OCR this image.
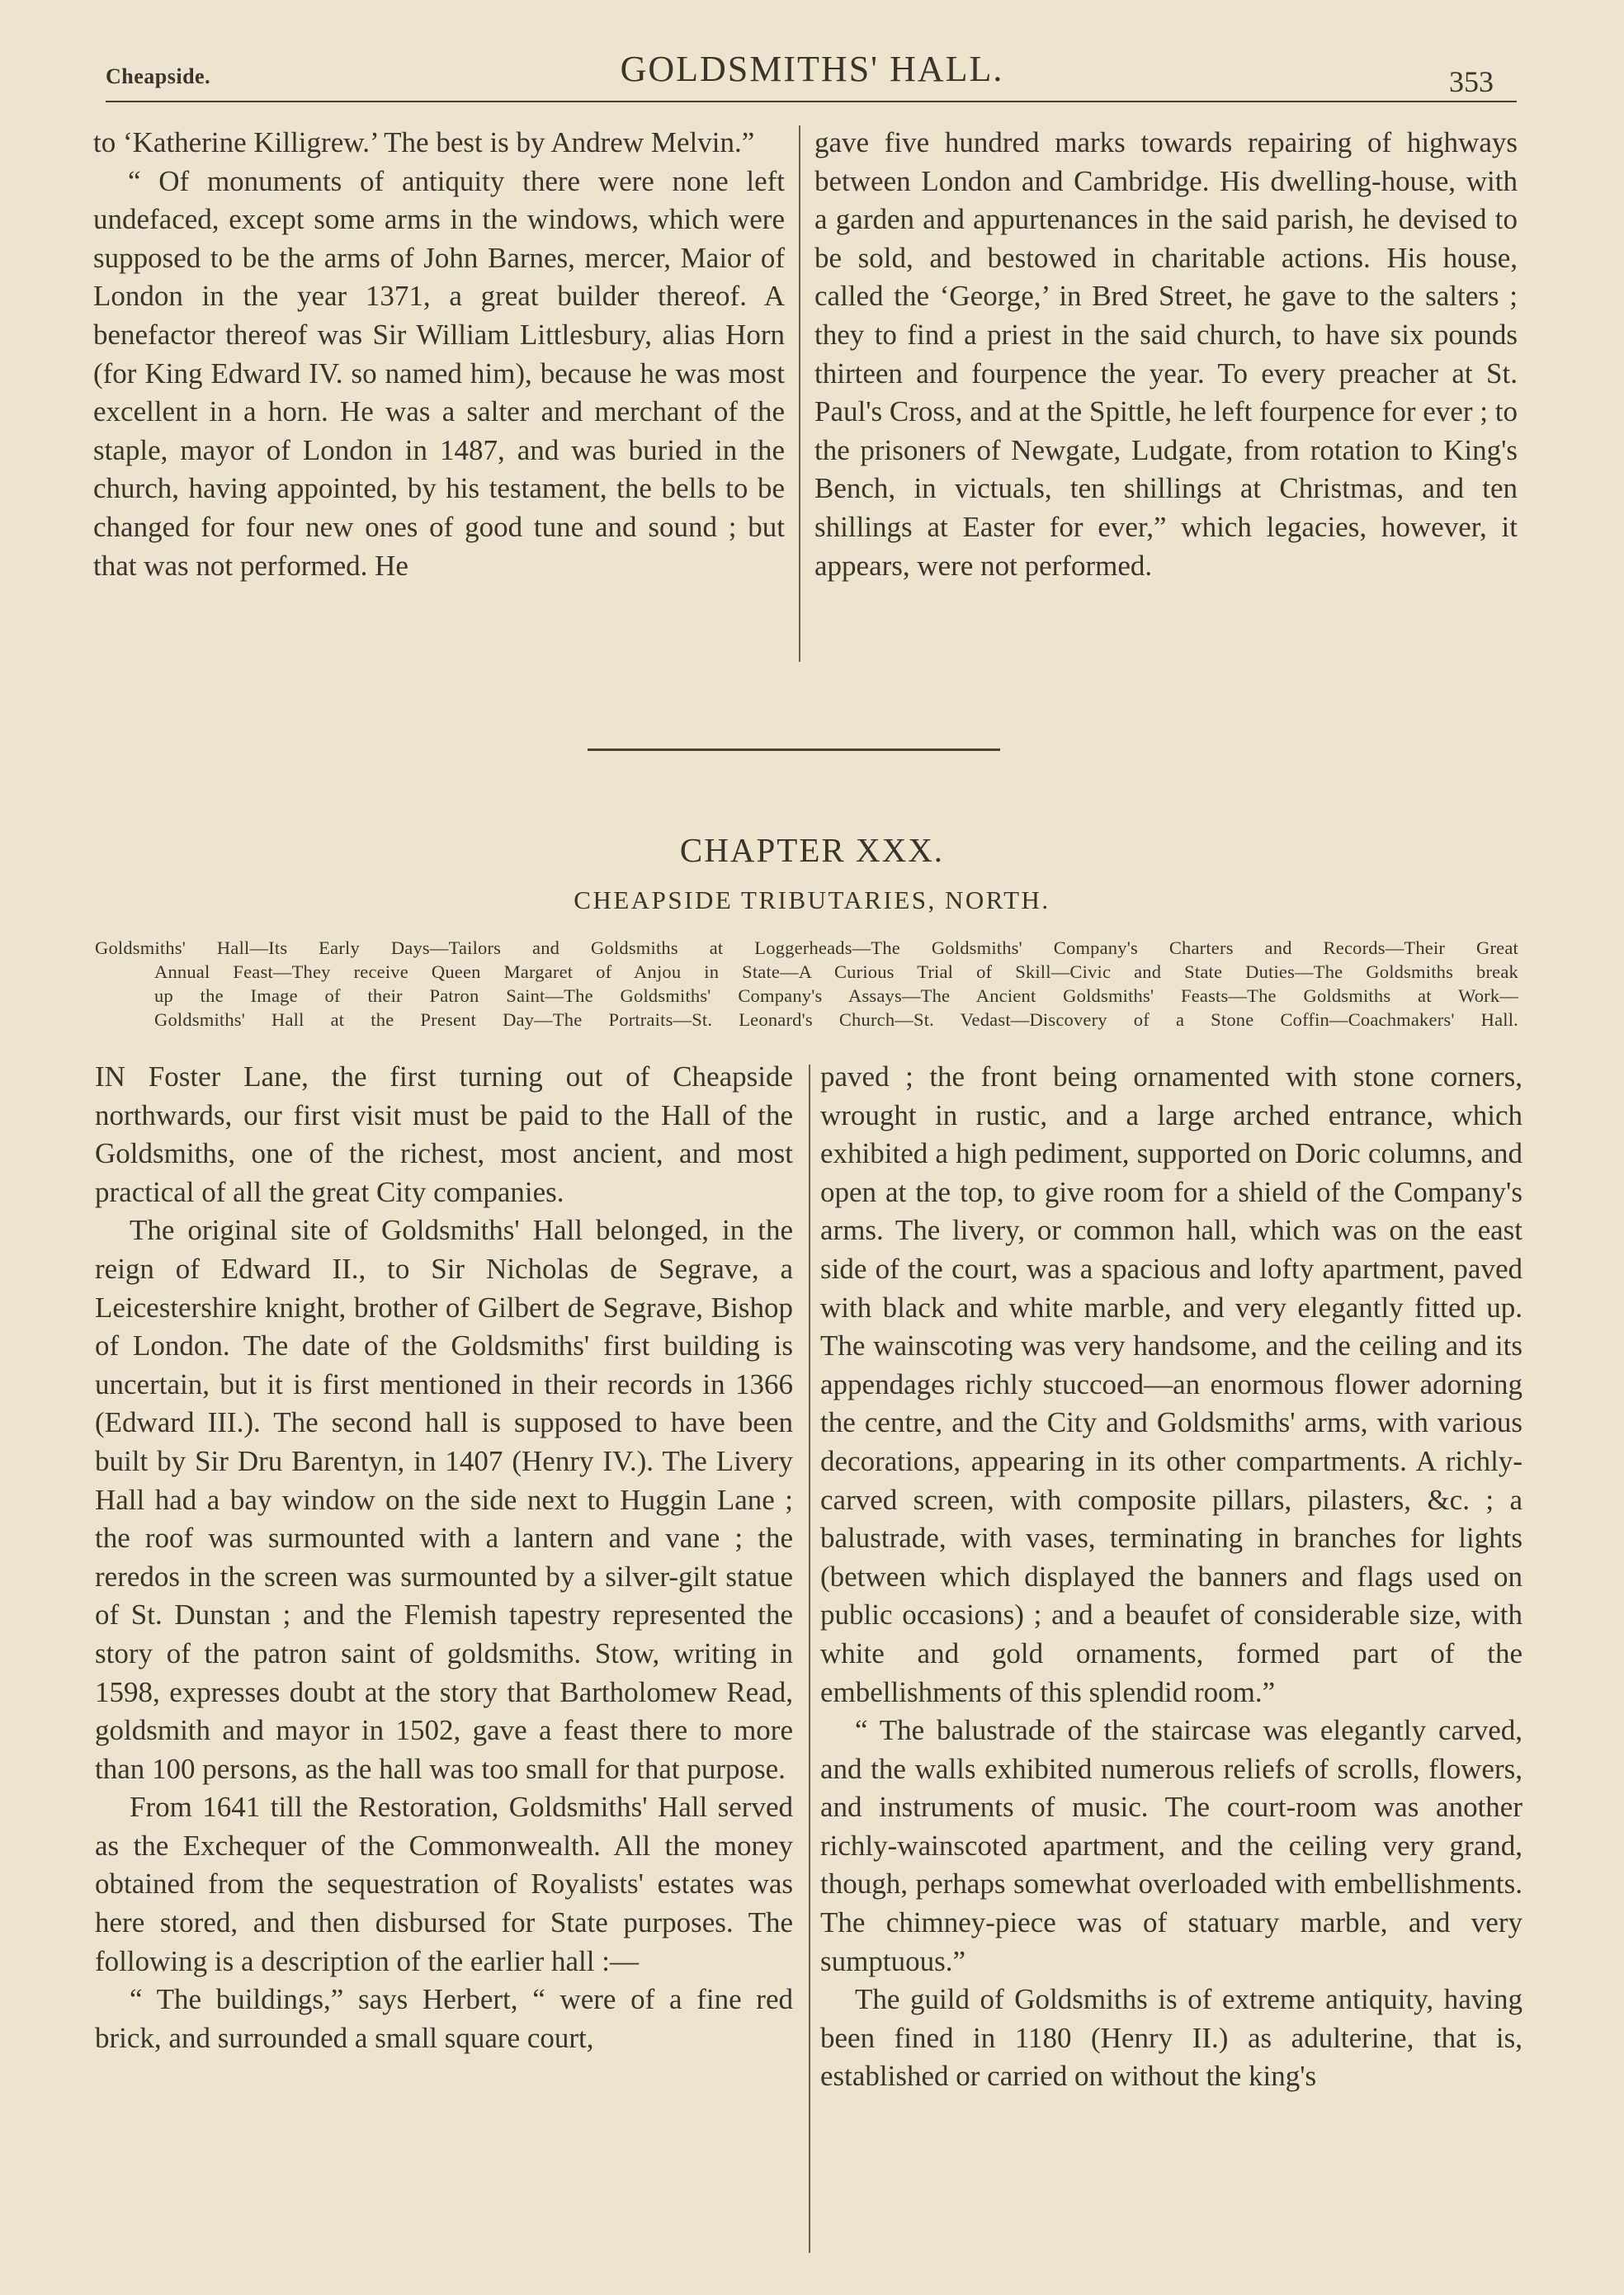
Cheapside.	GOLDSMITHS' HALL.	353

to ‘Katherine Killigrew.’ The best is by Andrew Melvin.”

“ Of monuments of antiquity there were none left undefaced, except some arms in the windows, which were supposed to be the arms of John Barnes, mercer, Maior of London in the year 1371, a great builder thereof. A benefactor thereof was Sir William Littlesbury, alias Horn (for King Edward IV. so named him), because he was most excellent in a horn. He was a salter and merchant of the staple, mayor of London in 1487, and was buried in the church, having appointed, by his testament, the bells to be changed for four new ones of good tune and sound ; but that was not performed. He

gave five hundred marks towards repairing of highways between London and Cambridge. His dwelling-house, with a garden and appurtenances in the said parish, he devised to be sold, and bestowed in charitable actions. His house, called the ‘George,’ in Bred Street, he gave to the salters ; they to find a priest in the said church, to have six pounds thirteen and fourpence the year. To every preacher at St. Paul's Cross, and at the Spittle, he left fourpence for ever ; to the prisoners of Newgate, Ludgate, from rotation to King's Bench, in victuals, ten shillings at Christmas, and ten shillings at Easter for ever,” which legacies, however, it appears, were not performed.

CHAPTER XXX.
CHEAPSIDE TRIBUTARIES, NORTH.
Goldsmiths' Hall—Its Early Days—Tailors and Goldsmiths at Loggerheads—The Goldsmiths' Company's Charters and Records—Their Great
Annual Feast—They receive Queen Margaret of Anjou in State—A Curious Trial of Skill—Civic and State Duties—The Goldsmiths break
up the Image of their Patron Saint—The Goldsmiths' Company's Assays—The Ancient Goldsmiths' Feasts—The Goldsmiths at Work—
Goldsmiths' Hall at the Present Day—The Portraits—St. Leonard's Church—St. Vedast—Discovery of a Stone Coffin—Coachmakers' Hall.

IN Foster Lane, the first turning out of Cheapside northwards, our first visit must be paid to the Hall of the Goldsmiths, one of the richest, most ancient, and most practical of all the great City companies.

The original site of Goldsmiths' Hall belonged, in the reign of Edward II., to Sir Nicholas de Segrave, a Leicestershire knight, brother of Gilbert de Segrave, Bishop of London. The date of the Goldsmiths' first building is uncertain, but it is first mentioned in their records in 1366 (Edward III.). The second hall is supposed to have been built by Sir Dru Barentyn, in 1407 (Henry IV.). The Livery Hall had a bay window on the side next to Huggin Lane ; the roof was surmounted with a lantern and vane ; the reredos in the screen was surmounted by a silver-gilt statue of St. Dunstan ; and the Flemish tapestry represented the story of the patron saint of goldsmiths. Stow, writing in 1598, expresses doubt at the story that Bartholomew Read, goldsmith and mayor in 1502, gave a feast there to more than 100 persons, as the hall was too small for that purpose.

From 1641 till the Restoration, Goldsmiths' Hall served as the Exchequer of the Commonwealth. All the money obtained from the sequestration of Royalists' estates was here stored, and then disbursed for State purposes. The following is a description of the earlier hall :—

“ The buildings,” says Herbert, “ were of a fine red brick, and surrounded a small square court,

paved ; the front being ornamented with stone corners, wrought in rustic, and a large arched entrance, which exhibited a high pediment, supported on Doric columns, and open at the top, to give room for a shield of the Company's arms. The livery, or common hall, which was on the east side of the court, was a spacious and lofty apartment, paved with black and white marble, and very elegantly fitted up. The wainscoting was very handsome, and the ceiling and its appendages richly stuccoed—an enormous flower adorning the centre, and the City and Goldsmiths' arms, with various decorations, appearing in its other compartments. A richly-carved screen, with composite pillars, pilasters, &c. ; a balustrade, with vases, terminating in branches for lights (between which displayed the banners and flags used on public occasions) ; and a beaufet of considerable size, with white and gold ornaments, formed part of the embellishments of this splendid room.”

“ The balustrade of the staircase was elegantly carved, and the walls exhibited numerous reliefs of scrolls, flowers, and instruments of music. The court-room was another richly-wainscoted apartment, and the ceiling very grand, though, perhaps somewhat overloaded with embellishments. The chimney-piece was of statuary marble, and very sumptuous.”

The guild of Goldsmiths is of extreme antiquity, having been fined in 1180 (Henry II.) as adulterine, that is, established or carried on without the king's
